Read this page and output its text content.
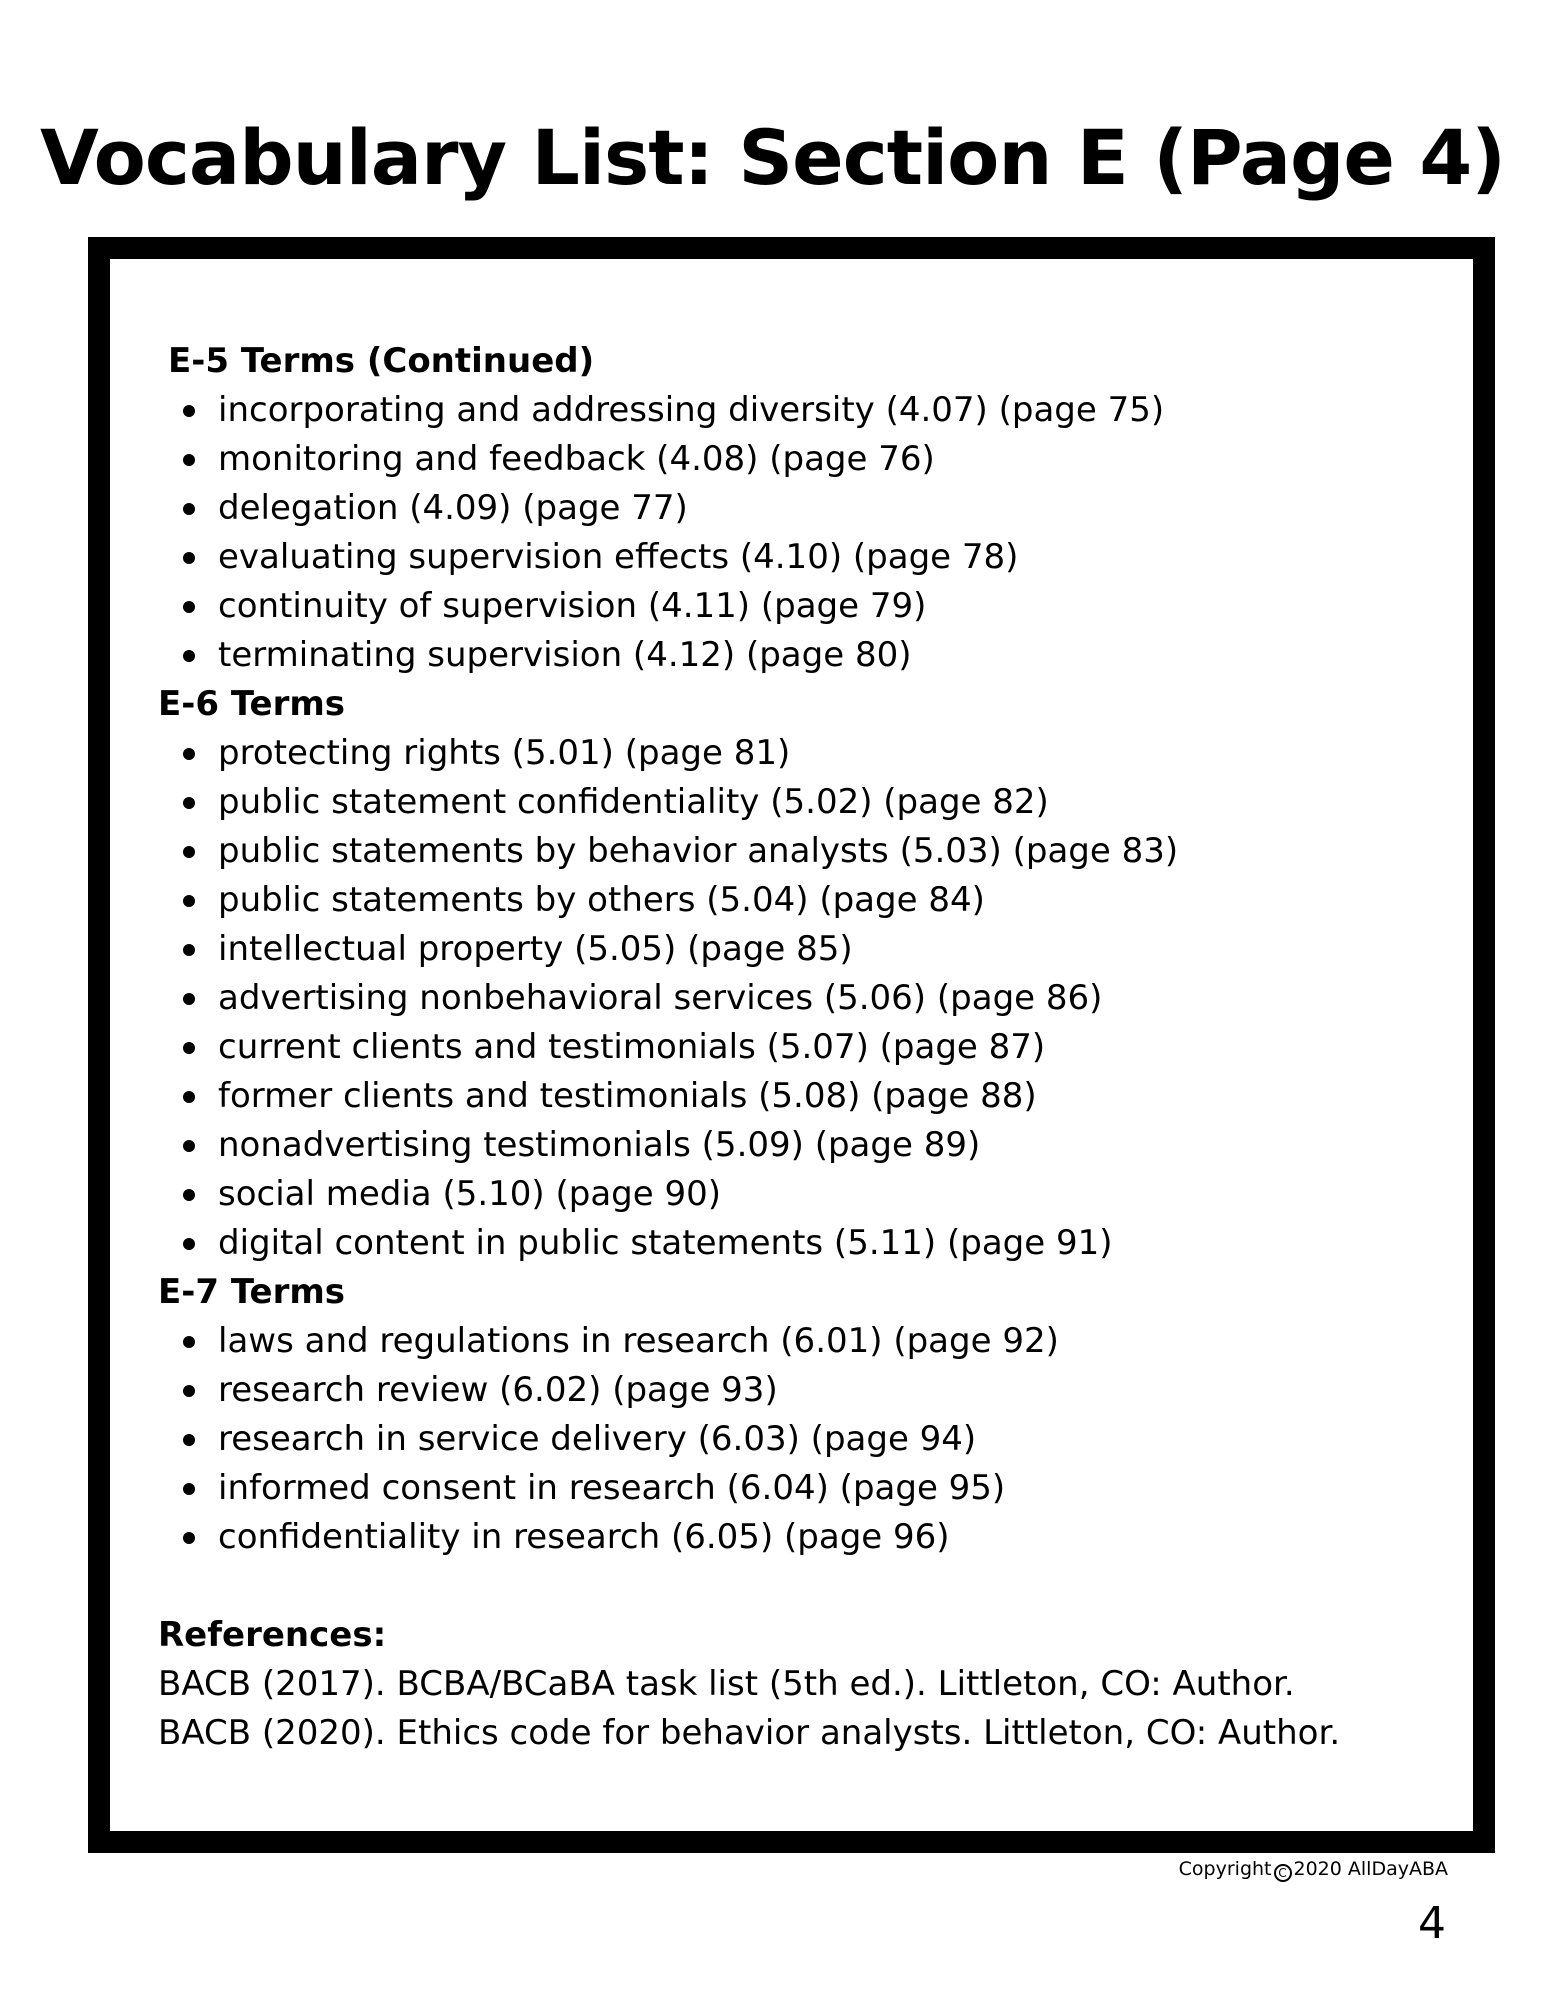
Vocabulary List: Section E (Page 4)
E-5 Terms (Continued)
incorporating and addressing diversity (4.07) (page 75)
monitoring and feedback (4.08) (page 76)
delegation (4.09) (page 77)
evaluating supervision effects (4.10) (page 78)
continuity of supervision (4.11) (page 79)
terminating supervision (4.12) (page 80)
E-6 Terms
protecting rights (5.01) (page 81)
public statement confidentiality (5.02) (page 82)
public statements by behavior analysts (5.03) (page 83)
public statements by others (5.04) (page 84)
intellectual property (5.05) (page 85)
advertising nonbehavioral services (5.06) (page 86)
current clients and testimonials (5.07) (page 87)
former clients and testimonials (5.08) (page 88)
nonadvertising testimonials (5.09) (page 89)
social media (5.10) (page 90)
digital content in public statements (5.11) (page 91)
E-7 Terms
laws and regulations in research (6.01) (page 92)
research review (6.02) (page 93)
research in service delivery (6.03) (page 94)
informed consent in research (6.04) (page 95)
confidentiality in research (6.05) (page 96)
References:
BACB (2017). BCBA/BCaBA task list (5th ed.). Littleton, CO: Author.
BACB (2020). Ethics code for behavior analysts. Littleton, CO: Author.
Copyright C 2020 AllDayABA
4
